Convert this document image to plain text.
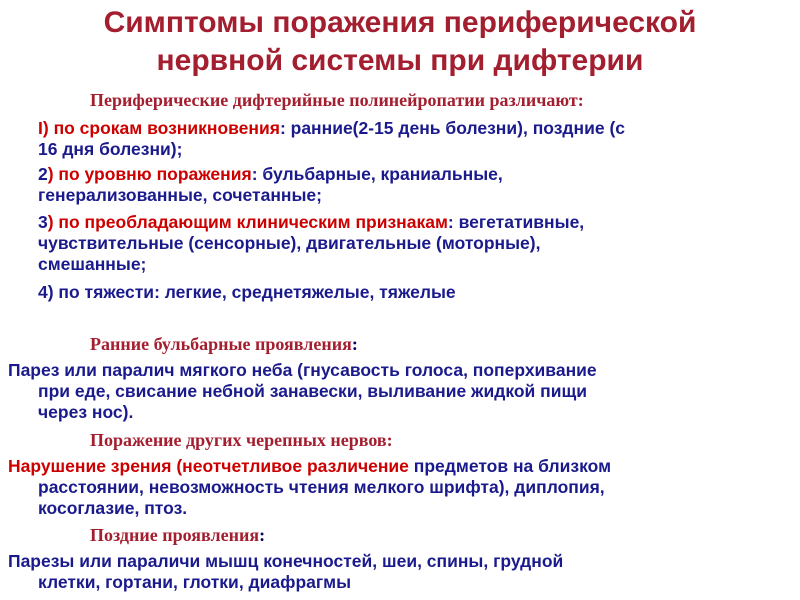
Симптомы поражения периферической
нервной системы при дифтерии
Периферические дифтерийные полинейропатии различают:
I) по срокам возникновения: ранние(2-15 день болезни), поздние (с
16 дня болезни);
2) по уровню поражения: бульбарные, краниальные,
генерализованные, сочетанные;
3) по преобладающим клиническим признакам: вегетативные,
чувствительные (сенсорные), двигательные (моторные),
смешанные;
4) по тяжести: легкие, среднетяжелые, тяжелые
Ранние бульбарные проявления:
Парез или паралич мягкого неба (гнусавость голоса, поперхивание
при еде, свисание небной занавески, выливание жидкой пищи
через нос).
Поражение других черепных нервов:
Нарушение зрения (неотчетливое различение предметов на близком
расстоянии, невозможность чтения мелкого шрифта), диплопия,
косоглазие, птоз.
Поздние проявления:
Парезы или параличи мышц конечностей, шеи, спины, грудной
клетки, гортани, глотки, диафрагмы
